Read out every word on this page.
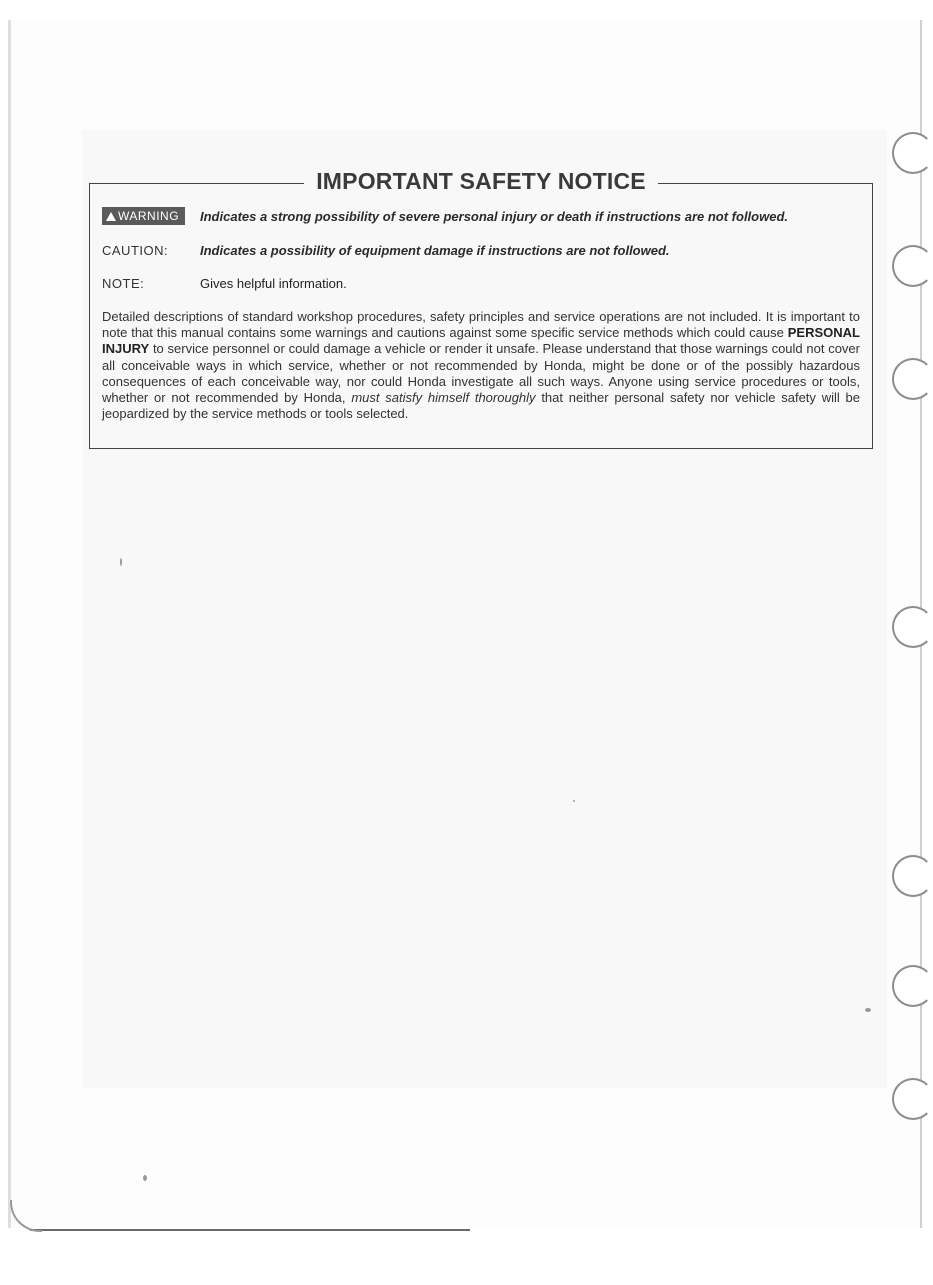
IMPORTANT SAFETY NOTICE
WARNING	Indicates a strong possibility of severe personal injury or death if instructions are not followed.
CAUTION: Indicates a possibility of equipment damage if instructions are not followed.
NOTE:	Gives helpful information.
Detailed descriptions of standard workshop procedures, safety principles and service operations are not included. It is important to note that this manual contains some warnings and cautions against some specific service methods which could cause PERSONAL INJURY to service personnel or could damage a vehicle or render it unsafe. Please understand that those warnings could not cover all conceivable ways in which service, whether or not recommended by Honda, might be done or of the possibly hazardous consequences of each conceivable way, nor could Honda investigate all such ways. Anyone using service procedures or tools, whether or not recommended by Honda, must satisfy himself thoroughly that neither personal safety nor vehicle safety will be jeopardized by the service methods or tools selected.
